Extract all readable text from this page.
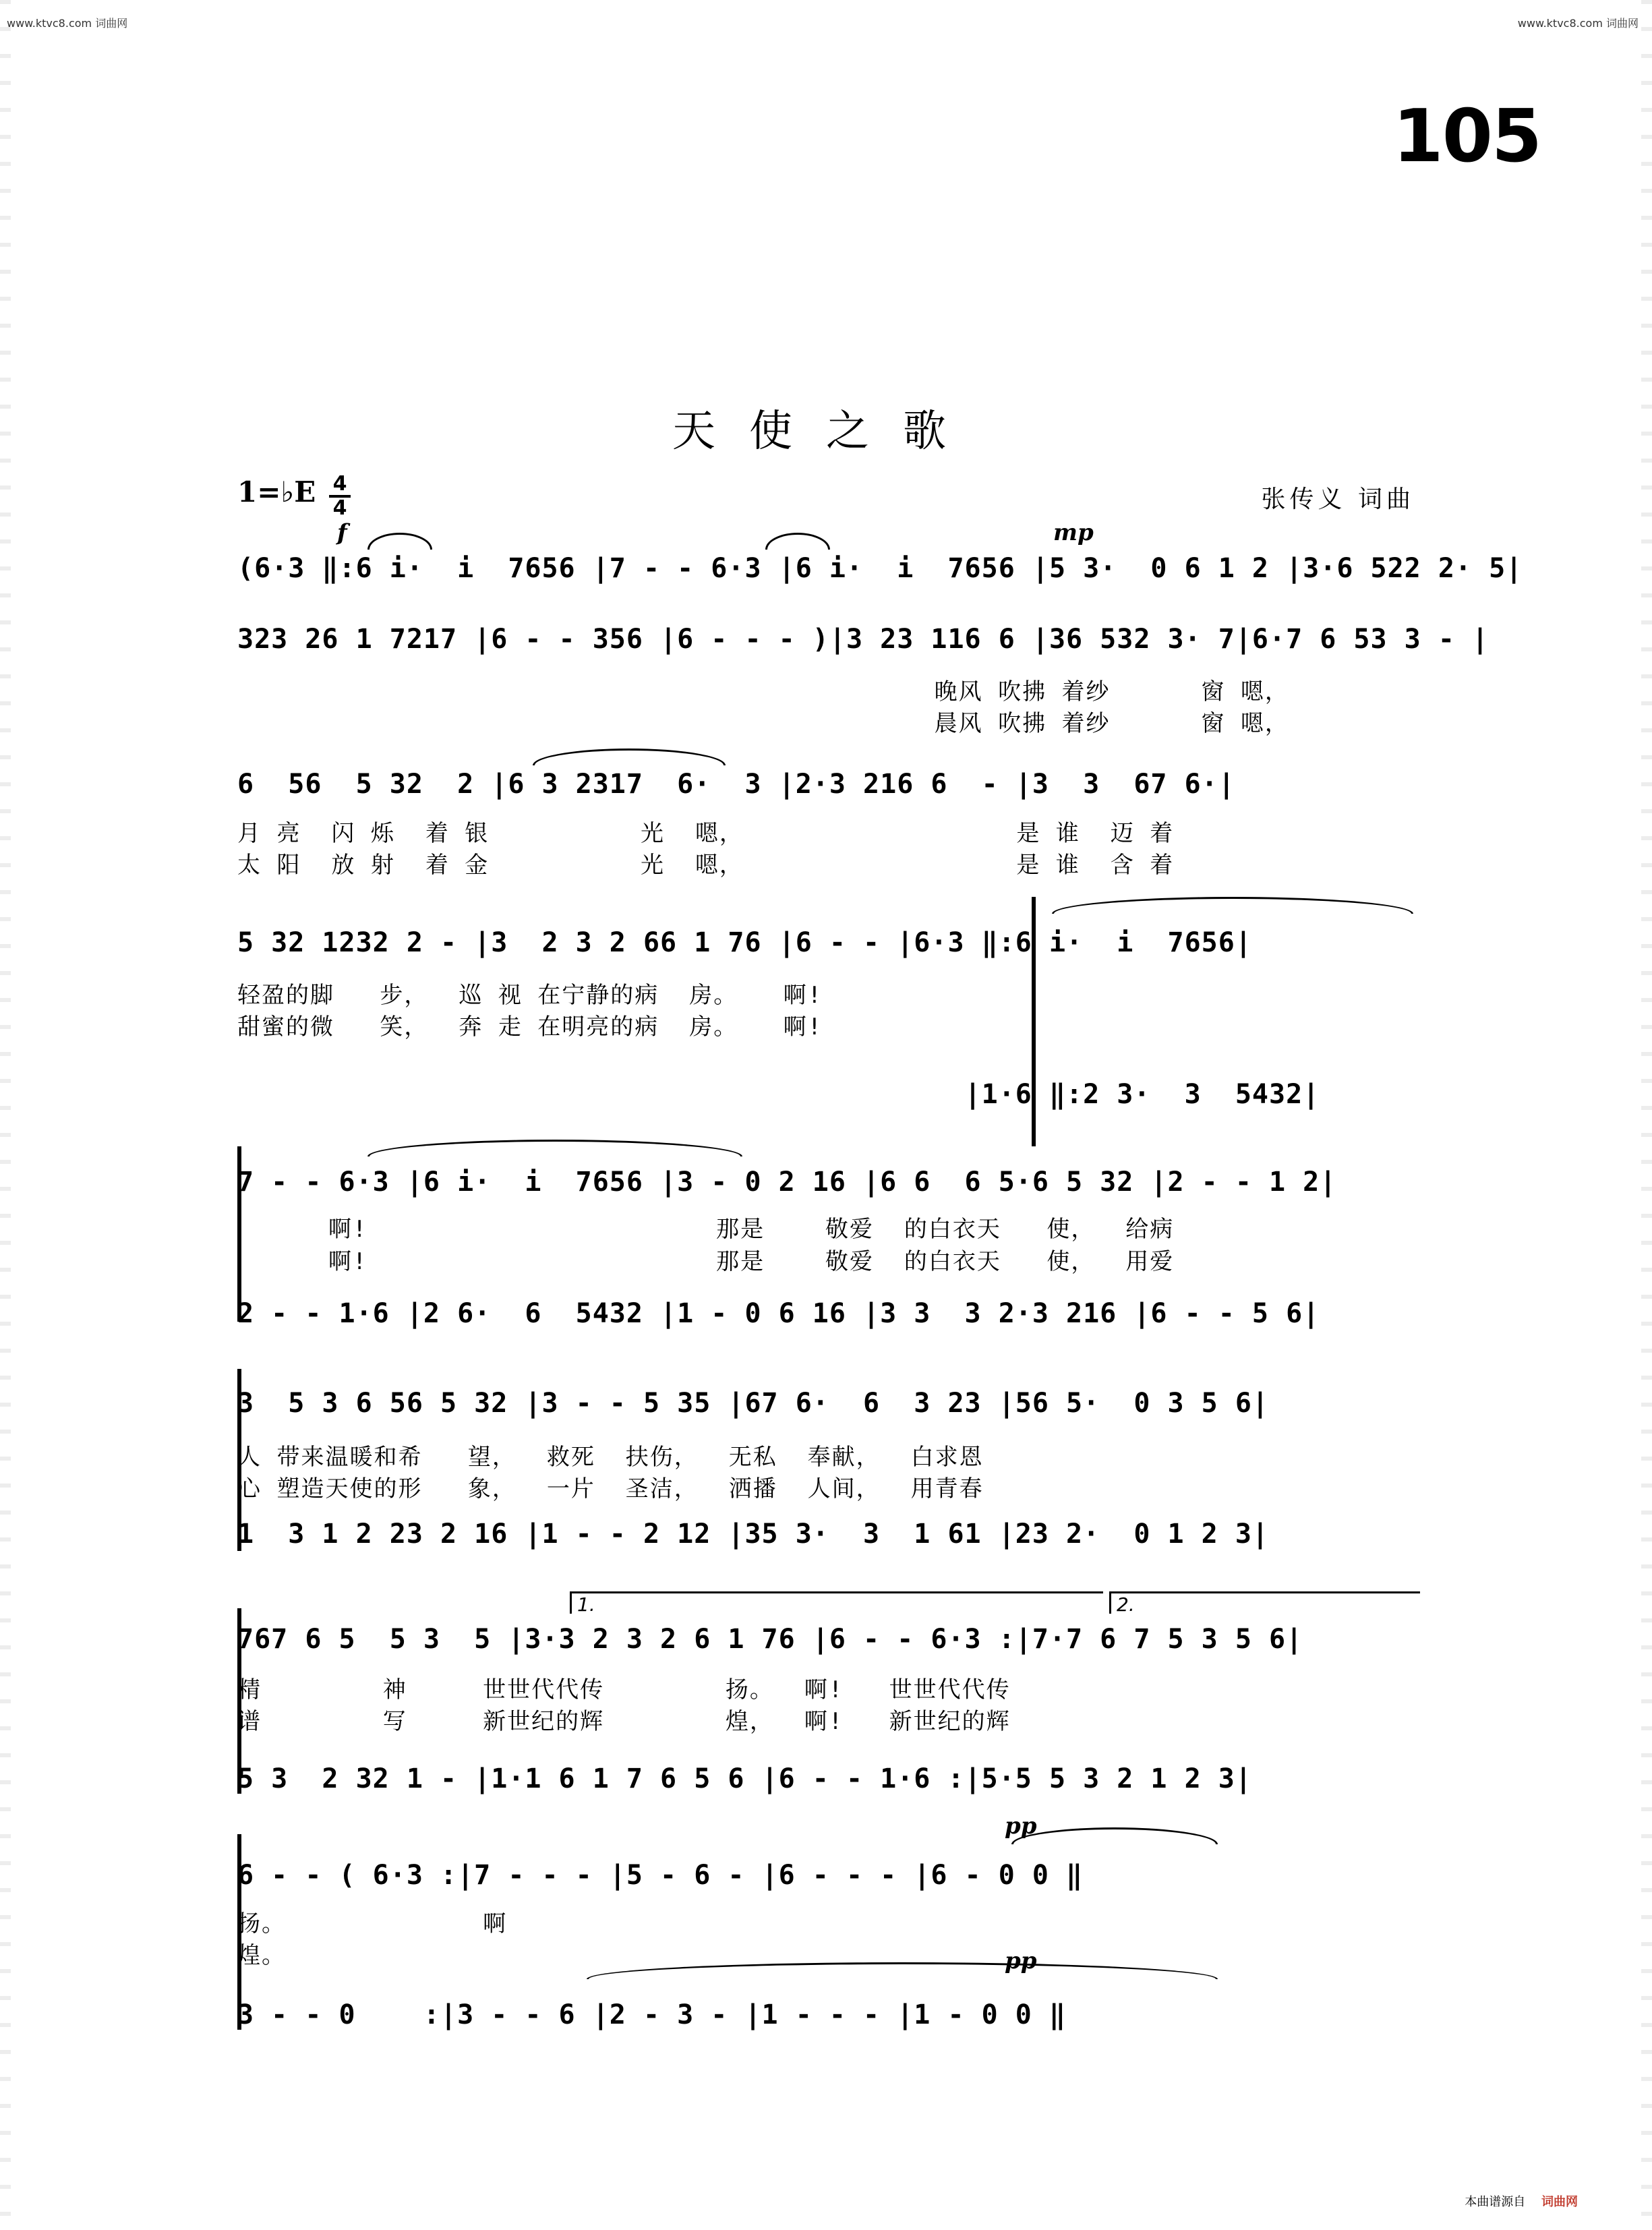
www.ktvc8.com 词曲网	www.ktvc8.com 词曲网
105
天使之歌
1=♭E 4
4	张传义 词曲
f	mp
pp
pp
1.	2.
(6·3 ‖:6 i·  i  7656 |7 - - 6·3 |6 i·  i  7656 |5 3·  0 6 1 2 |3·6 522 2· 5|
323 26 1 7217 |6 - - 356 |6 - - - )|3 23 116 6 |36 532 3· 7|6·7 6 53 3 - |
晚风 吹拂 着纱      窗 嗯，
晨风 吹拂 着纱      窗 嗯，
6  56  5 32  2 |6 3 2317  6·  3 |2·3 216 6  - |3  3  67 6·|
月 亮  闪 烁  着 银          光  嗯，                  是 谁  迈 着
太 阳  放 射  着 金          光  嗯，                  是 谁  含 着
5 32 1232 2 - |3  2 3 2 66 1 76 |6 - - |6·3 ‖:6 i·  i  7656|
轻盈的脚   步，  巡 视 在宁静的病  房。   啊!
甜蜜的微   笑，  奔 走 在明亮的病  房。   啊!
|1·6 ‖:2 3·  3  5432|
7 - - 6·3 |6 i·  i  7656 |3 - 0 2 16 |6 6  6 5·6 5 32 |2 - - 1 2|
啊!                       那是    敬爱  的白衣天   使，  给病
啊!                       那是    敬爱  的白衣天   使，  用爱
2 - - 1·6 |2 6·  6  5432 |1 - 0 6 16 |3 3  3 2·3 216 |6 - - 5 6|
3  5 3 6 56 5 32 |3 - - 5 35 |67 6·  6  3 23 |56 5·  0 3 5 6|
人 带来温暖和希   望，  救死  扶伤，  无私  奉献，  白求恩
心 塑造天使的形   象，  一片  圣洁，  洒播  人间，  用青春
1  3 1 2 23 2 16 |1 - - 2 12 |35 3·  3  1 61 |23 2·  0 1 2 3|
767 6 5  5 3  5 |3·3 2 3 2 6 1 76 |6 - - 6·3 :|7·7 6 7 5 3 5 6|
精        神     世世代代传        扬。  啊!   世世代代传
谱        写     新世纪的辉        煌，  啊!   新世纪的辉
5 3  2 32 1 - |1·1 6 1 7 6 5 6 |6 - - 1·6 :|5·5 5 3 2 1 2 3|
6 - - ( 6·3 :|7 - - - |5 - 6 - |6 - - - |6 - 0 0 ‖
扬。             啊
煌。
3 - - 0    :|3 - - 6 |2 - 3 - |1 - - - |1 - 0 0 ‖
本曲谱源自 词曲网
